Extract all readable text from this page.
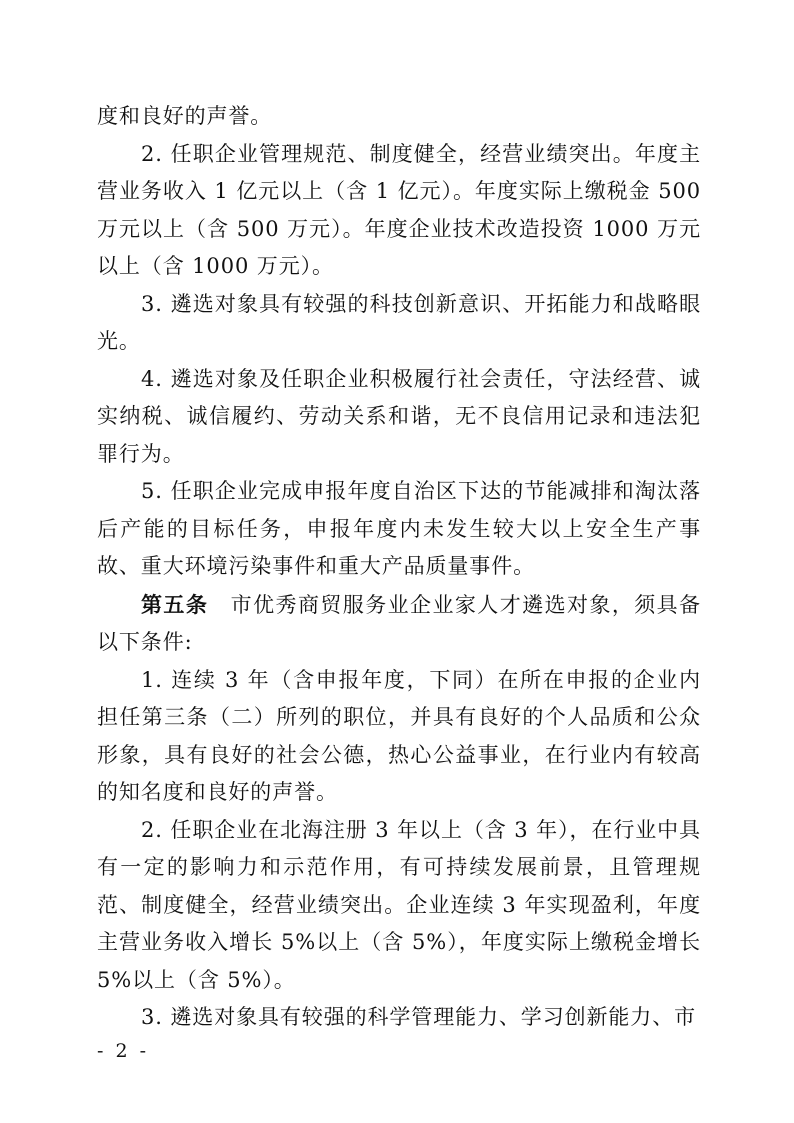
度和良好的声誉。

2. 任职企业管理规范、制度健全，经营业绩突出。年度主营业务收入 1 亿元以上（含 1 亿元）。年度实际上缴税金 500 万元以上（含 500 万元）。年度企业技术改造投资 1000 万元以上（含 1000 万元）。

3. 遴选对象具有较强的科技创新意识、开拓能力和战略眼光。

4. 遴选对象及任职企业积极履行社会责任，守法经营、诚实纳税、诚信履约、劳动关系和谐，无不良信用记录和违法犯罪行为。

5. 任职企业完成申报年度自治区下达的节能减排和淘汰落后产能的目标任务，申报年度内未发生较大以上安全生产事故、重大环境污染事件和重大产品质量事件。

第五条　市优秀商贸服务业企业家人才遴选对象，须具备以下条件:

1. 连续 3 年（含申报年度，下同）在所在申报的企业内担任第三条（二）所列的职位，并具有良好的个人品质和公众形象，具有良好的社会公德，热心公益事业，在行业内有较高的知名度和良好的声誉。

2. 任职企业在北海注册 3 年以上（含 3 年），在行业中具有一定的影响力和示范作用，有可持续发展前景，且管理规范、制度健全，经营业绩突出。企业连续 3 年实现盈利，年度主营业务收入增长 5%以上（含 5%），年度实际上缴税金增长 5%以上（含 5%）。

3. 遴选对象具有较强的科学管理能力、学习创新能力、市

- 2 -
